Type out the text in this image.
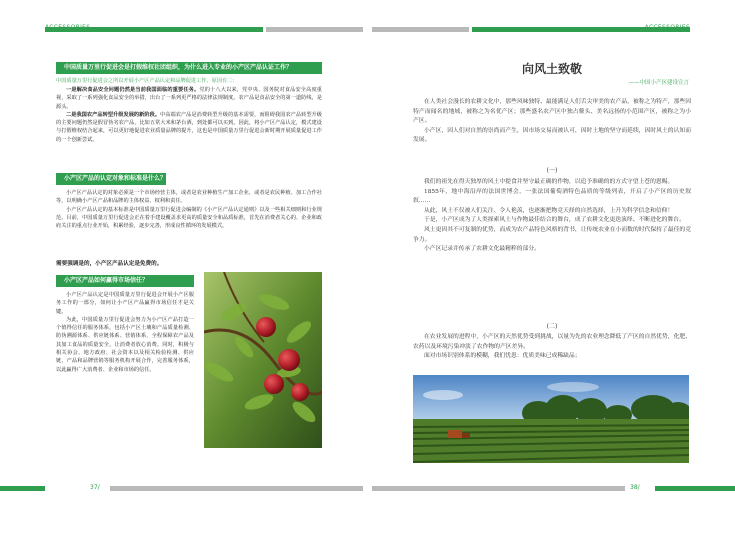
中国质量万里行促进会是打假维权社团组织，为什么进入专业的小产区产品认证工作？
中国质量万里行促进会之所以开展小产区产品认定和品牌促进工作，原因有二：

一是解决食品安全问题仍然是当前我国面临的重要任务。党的十八大以来，党中央、国务院对食品安全高度重视，采取了一系列强化食品安全的举措，出台了一系列更严格的法律法规制度。农产品是食品安全的第一道防线，是源头。

二是我国农产品转型升级发展的新阶段。中高端农产品是消费转型升级的基本需要，而阻碍我国农产品转型升级的主要问题仍然是假冒伪劣农产品，比如五常大米和茅台酒，到处都可以买到。因此，将小产区产品认定，模式建设与打假维权结合起来，可以更好地促进农业质量品牌的提升，这也是中国质量万里行促进会新时期开展质量促进工作的一个创新尝试。

小产区产品的认定对象和标准是什么？

小产区产品认定的对象必须是一个市场经营主体，或者是农业种植生产加工企业，或者是农民种植、加工合作社等，以明确小产区产品和品牌的主体权益、权利和责任。

小产区产品认定的基本标准是中国质量万里行促进会编制的《小产区产品认定通则》以及一些相关细则和行业规范。目前，中国质量万里行促进会正在着手建设覆盖求更高的质量安全和品质标准，首先在消费者关心的、企业和政府关注的重点行业开始，积累经验，逐步完善，形成良性循环的发展模式。

需要强调是的，小产区产品认定是免费的。
小产区产品如何赢得市场信任？

小产区产品认定是中国质量万里行促进会开展小产区服务工作的一部分，如何让小产区产品赢得市场信任才是关键。

为此，中国质量万里行促进会努力为小产区产品打造一个值得信任的服务体系，包括小产区土壤和产品质量检测、防伪溯源体系、供应链体系、营销体系，全程保障农产品及其加工食品的质量安全，让消费者放心消费。同时，积极与相关协会、地方政府、社会资本以及相关检验检测、供应链、产品和品牌营销等服务机构开展合作，完善服务体系，以此赢得广大消费者、企业和市场的信任。

向风土致敬
——中国小产区建设宣言

在人类社会漫长的农耕文化中，那些风味独特、最能满足人们舌尖审美的农产品，被称之为特产，那些因特产而闻名的地域，被称之为名优产区；那些盛名农产区中独占鳌头、美名远扬的小范围产区，被称之为小产区。

小产区，因人们对自然的崇尚而产生，因市场交易而被认可，因时土地的坚守而延续，因时风土的认知而发展。

(一)

我们的祖先在得天独厚的风土中提食并坚守最正确的作物，以追予准确的的方式守望上苍的恩赐。

1855年，地中海沿岸的法国世博会，一张法国葡萄酒特色品质的等级列表，开启了小产区的历史叙叙……

从此，风土不仅被人们关注、令人艳羡，也逐渐把物竞天择的自然选择，上升为科学信念和信仰！

于是，小产区成为了人类探索风土与作物最佳结合的舞台，成了农耕文化更迭演绎、不断进化的舞台。

风土更因其不可复制的优势，而成为农产品特色风格的背书，让传统农业在小而数的时代保持了最佳的竞争力。

小产区记录并传承了农耕文化最精粹的部分。

(二)

在农业发展的进程中，小产区的天然优势受到挑战，以量为先的农业理念降低了产区的自然优势，化肥、农药以及环境污染冲淡了农作物的产区差异。

面对市场识别体系的模糊，我们忧患：优质美味已成稀缺品；

37/	38/
